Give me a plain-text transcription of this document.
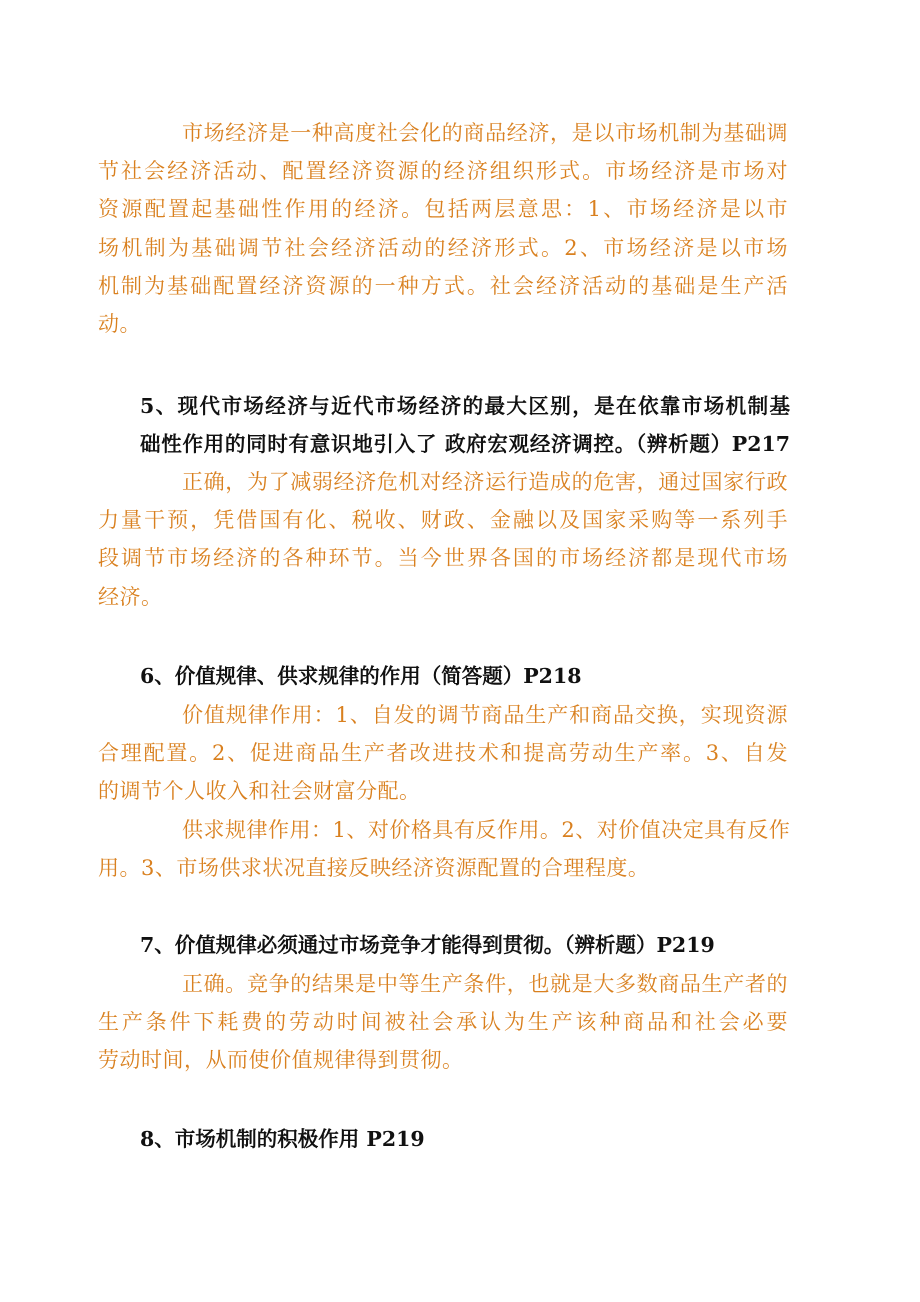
市场经济是一种高度社会化的商品经济，是以市场机制为基础调
节社会经济活动、配置经济资源的经济组织形式。市场经济是市场对
资源配置起基础性作用的经济。包括两层意思：1、市场经济是以市
场机制为基础调节社会经济活动的经济形式。2、市场经济是以市场
机制为基础配置经济资源的一种方式。社会经济活动的基础是生产活
动。
5、现代市场经济与近代市场经济的最大区别，是在依靠市场机制基
础性作用的同时有意识地引入了 政府宏观经济调控。（辨析题）P217
正确，为了减弱经济危机对经济运行造成的危害，通过国家行政
力量干预，凭借国有化、税收、财政、金融以及国家采购等一系列手
段调节市场经济的各种环节。当今世界各国的市场经济都是现代市场
经济。
6、价值规律、供求规律的作用（简答题）P218
价值规律作用：1、自发的调节商品生产和商品交换，实现资源
合理配置。2、促进商品生产者改进技术和提高劳动生产率。3、自发
的调节个人收入和社会财富分配。
供求规律作用：1、对价格具有反作用。2、对价值决定具有反作
用。3、市场供求状况直接反映经济资源配置的合理程度。
7、价值规律必须通过市场竞争才能得到贯彻。（辨析题）P219
正确。竞争的结果是中等生产条件，也就是大多数商品生产者的
生产条件下耗费的劳动时间被社会承认为生产该种商品和社会必要
劳动时间，从而使价值规律得到贯彻。
8、市场机制的积极作用 P219
